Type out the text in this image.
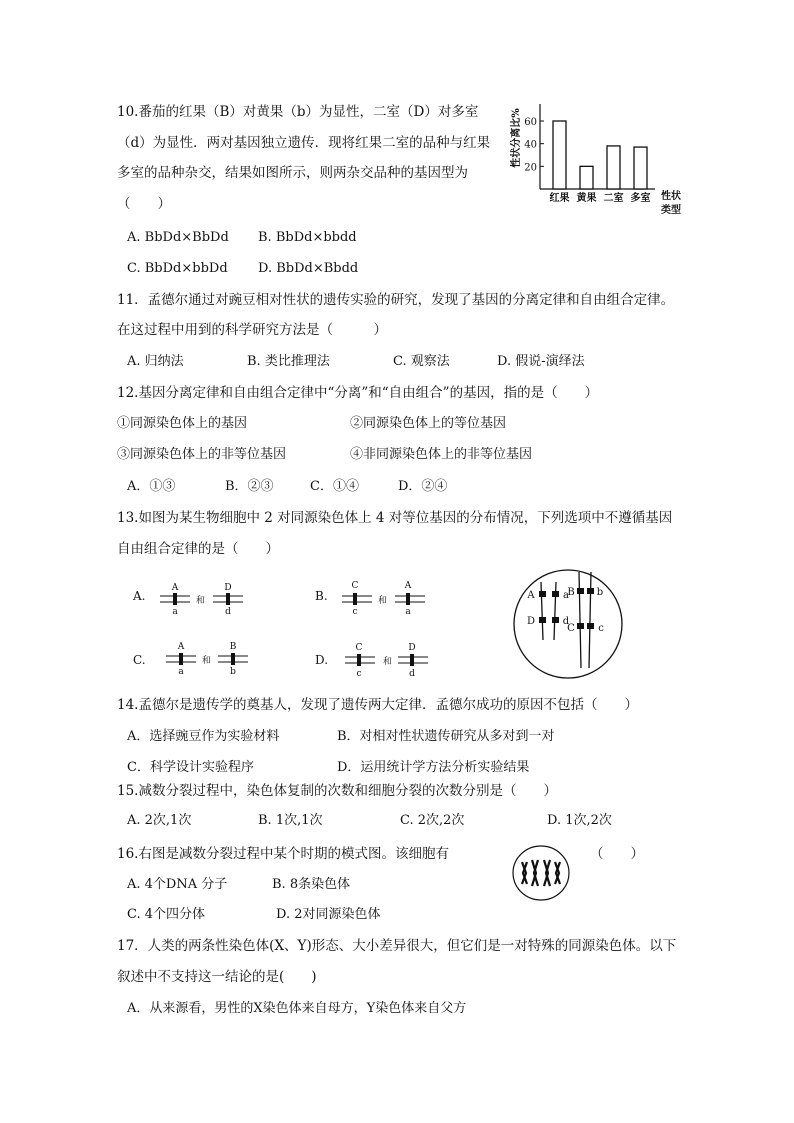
10.番茄的红果（B）对黄果（b）为显性，二室（D）对多室
（d）为显性．两对基因独立遗传．现将红果二室的品种与红果
多室的品种杂交，结果如图所示，则两杂交品种的基因型为
（　　）
A. BbDd×BbDd B. BbDd×bbdd
C. BbDd×bbDd D. BbDd×Bbdd
性状分离比%
20
40
60
红果 黄果 二室 多室 性状
类型
11．孟德尔通过对豌豆相对性状的遗传实验的研究，发现了基因的分离定律和自由组合定律。
在这过程中用到的科学研究方法是（　　　）
A. 归纳法	B. 类比推理法	C. 观察法	D. 假说-演绎法
12.基因分离定律和自由组合定律中“分离”和“自由组合”的基因，指的是（　　）
①同源染色体上的基因	②同源染色体上的等位基因
③同源染色体上的非等位基因	④非同源染色体上的非等位基因
A．①③	B．②③	C．①④	D．②④
13.如图为某生物细胞中 2 对同源染色体上 4 对等位基因的分布情况，下列选项中不遵循基因
自由组合定律的是（　　）
A.
A
a
和
D
d
B.
C
c
和
A
a
C.
A
a
和
B
b
D.
C
c
和
D
d
A	a
D	d
B b
C c
14.孟德尔是遗传学的奠基人，发现了遗传两大定律．孟德尔成功的原因不包括（　　）
A．选择豌豆作为实验材料	B．对相对性状遗传研究从多对到一对
C．科学设计实验程序	D．运用统计学方法分析实验结果
15.减数分裂过程中，染色体复制的次数和细胞分裂的次数分别是（　　）
A. 2次,1次	B. 1次,1次	C. 2次,2次	D. 1次,2次
16.右图是减数分裂过程中某个时期的模式图。该细胞有	（　　）
A. 4个DNA 分子	B. 8条染色体
C. 4个四分体	D. 2对同源染色体
17．人类的两条性染色体(X、Y)形态、大小差异很大，但它们是一对特殊的同源染色体。以下
叙述中不支持这一结论的是(　　)
A．从来源看，男性的X染色体来自母方，Y染色体来自父方
